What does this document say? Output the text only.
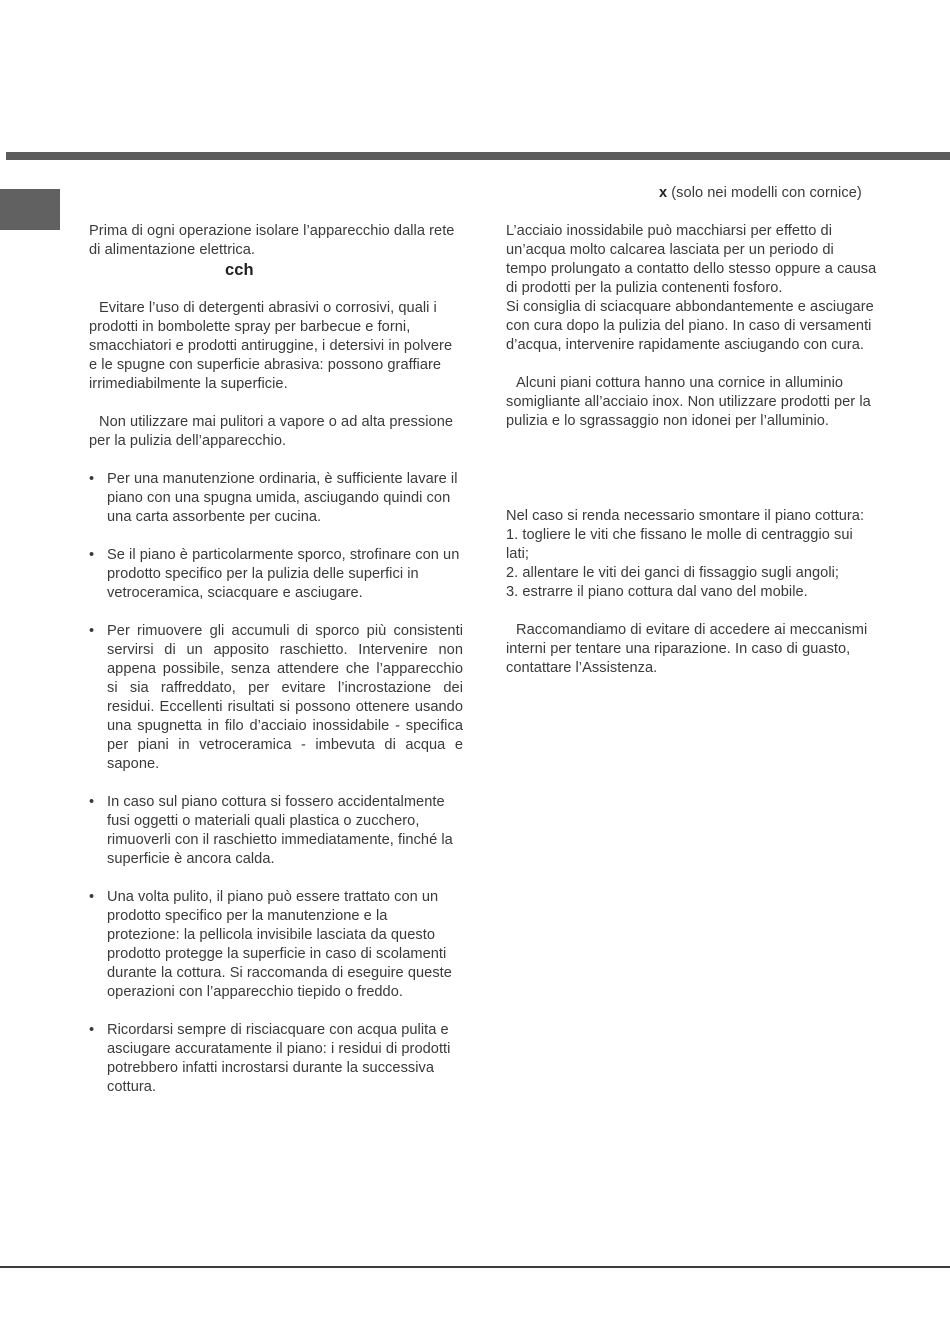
Prima di ogni operazione isolare l’apparecchio dalla rete di alimentazione elettrica.

cch

Evitare l’uso di detergenti abrasivi o corrosivi, quali i prodotti in bombolette spray per barbecue e forni, smacchiatori e prodotti antiruggine, i detersivi in polvere e le spugne con superficie abrasiva: possono graffiare irrimediabilmente la superficie.

Non utilizzare mai pulitori a vapore o ad alta pressione per la pulizia dell’apparecchio.

• Per una manutenzione ordinaria, è sufficiente lavare il piano con una spugna umida, asciugando quindi con una carta assorbente per cucina.
• Se il piano è particolarmente sporco, strofinare con un prodotto specifico per la pulizia delle superfici in vetroceramica, sciacquare e asciugare.
• Per rimuovere gli accumuli di sporco più consistenti servirsi di un apposito raschietto. Intervenire non appena possibile, senza attendere che l’apparecchio si sia raffreddato, per evitare l’incrostazione dei residui. Eccellenti risultati si possono ottenere usando una spugnetta in filo d’acciaio inossidabile - specifica per piani in vetroceramica - imbevuta di acqua e sapone.
• In caso sul piano cottura si fossero accidentalmente fusi oggetti o materiali quali plastica o zucchero, rimuoverli con il raschietto immediatamente, finché la superficie è ancora calda.
• Una volta pulito, il piano può essere trattato con un prodotto specifico per la manutenzione e la protezione: la pellicola invisibile lasciata da questo prodotto protegge la superficie in caso di scolamenti durante la cottura. Si raccomanda di eseguire queste operazioni con l’apparecchio tiepido o freddo.
• Ricordarsi sempre di risciacquare con acqua pulita e asciugare accuratamente il piano: i residui di prodotti potrebbero infatti incrostarsi durante la successiva cottura.

x (solo nei modelli con cornice)

L’acciaio inossidabile può macchiarsi per effetto di un’acqua molto calcarea lasciata per un periodo di tempo prolungato a contatto dello stesso oppure a causa di prodotti per la pulizia contenenti fosforo.

Si consiglia di sciacquare abbondantemente e asciugare con cura dopo la pulizia del piano. In caso di versamenti d’acqua, intervenire rapidamente asciugando con cura.

Alcuni piani cottura hanno una cornice in alluminio somigliante all’acciaio inox. Non utilizzare prodotti per la pulizia e lo sgrassaggio non idonei per l’alluminio.

Nel caso si renda necessario smontare il piano cottura:

1. togliere le viti che fissano le molle di centraggio sui lati;

2. allentare le viti dei ganci di fissaggio sugli angoli;

3. estrarre il piano cottura dal vano del mobile.

Raccomandiamo di evitare di accedere ai meccanismi interni per tentare una riparazione. In caso di guasto, contattare l’Assistenza.
